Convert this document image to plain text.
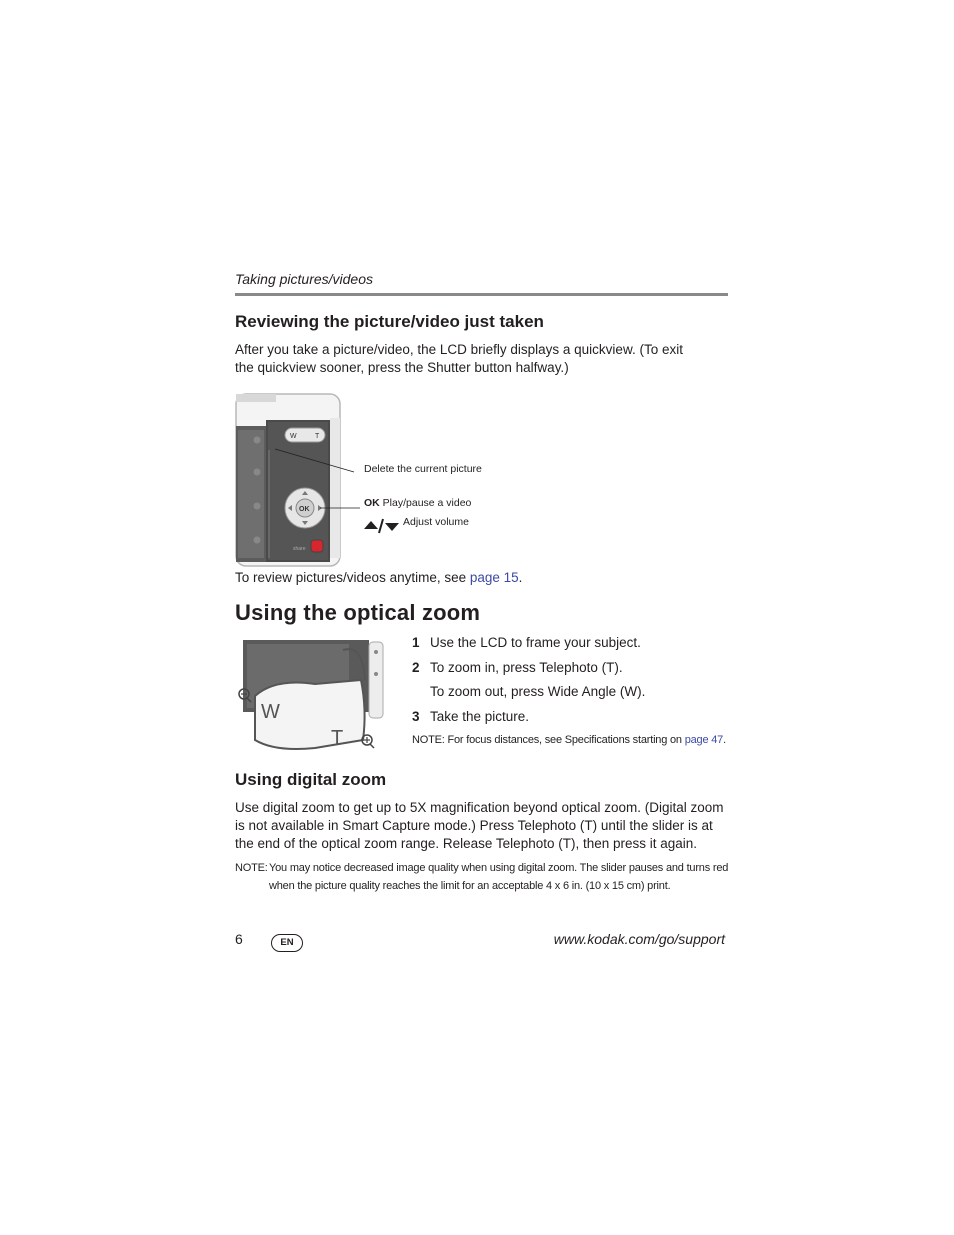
Taking pictures/videos
Reviewing the picture/video just taken

After you take a picture/video, the LCD briefly displays a quickview. (To exit the quickview sooner, press the Shutter button halfway.)

W	T
OK
share
Delete the current picture
OK Play/pause a video
Adjust volume

To review pictures/videos anytime, see page 15.

Using the optical zoom
W
T
1 Use the LCD to frame your subject.
2 To zoom in, press Telephoto (T).
To zoom out, press Wide Angle (W).
3 Take the picture.
NOTE: For focus distances, see Specifications starting on page 47.
Using digital zoom

Use digital zoom to get up to 5X magnification beyond optical zoom. (Digital zoom is not available in Smart Capture mode.) Press Telephoto (T) until the slider is at the end of the optical zoom range. Release Telephoto (T), then press it again.

NOTE: You may notice decreased image quality when using digital zoom. The slider pauses and turns red when the picture quality reaches the limit for an acceptable 4 x 6 in. (10 x 15 cm) print.
6	EN	www.kodak.com/go/support
